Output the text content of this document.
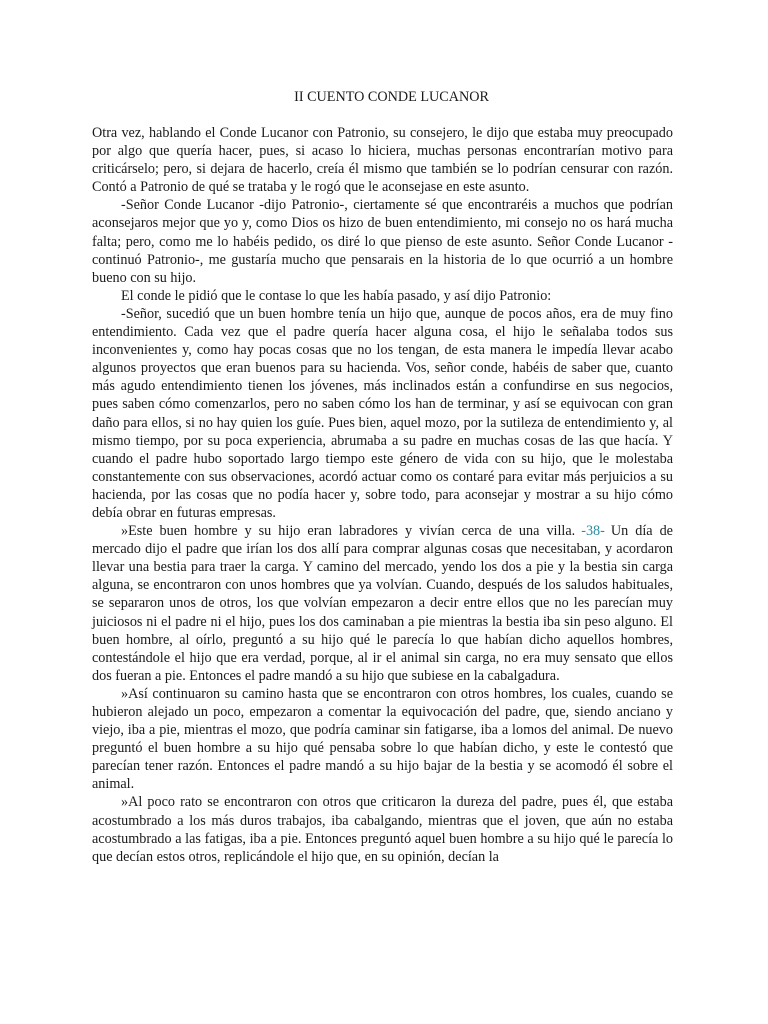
II CUENTO CONDE LUCANOR

Otra vez, hablando el Conde Lucanor con Patronio, su consejero, le dijo que estaba muy preocupado por algo que quería hacer, pues, si acaso lo hiciera, muchas personas encontrarían motivo para criticárselo; pero, si dejara de hacerlo, creía él mismo que también se lo podrían censurar con razón. Contó a Patronio de qué se trataba y le rogó que le aconsejase en este asunto.

-Señor Conde Lucanor -dijo Patronio-, ciertamente sé que encontraréis a muchos que podrían aconsejaros mejor que yo y, como Dios os hizo de buen entendimiento, mi consejo no os hará mucha falta; pero, como me lo habéis pedido, os diré lo que pienso de este asunto. Señor Conde Lucanor -continuó Patronio-, me gustaría mucho que pensarais en la historia de lo que ocurrió a un hombre bueno con su hijo.

El conde le pidió que le contase lo que les había pasado, y así dijo Patronio:

-Señor, sucedió que un buen hombre tenía un hijo que, aunque de pocos años, era de muy fino entendimiento. Cada vez que el padre quería hacer alguna cosa, el hijo le señalaba todos sus inconvenientes y, como hay pocas cosas que no los tengan, de esta manera le impedía llevar acabo algunos proyectos que eran buenos para su hacienda. Vos, señor conde, habéis de saber que, cuanto más agudo entendimiento tienen los jóvenes, más inclinados están a confundirse en sus negocios, pues saben cómo comenzarlos, pero no saben cómo los han de terminar, y así se equivocan con gran daño para ellos, si no hay quien los guíe. Pues bien, aquel mozo, por la sutileza de entendimiento y, al mismo tiempo, por su poca experiencia, abrumaba a su padre en muchas cosas de las que hacía. Y cuando el padre hubo soportado largo tiempo este género de vida con su hijo, que le molestaba constantemente con sus observaciones, acordó actuar como os contaré para evitar más perjuicios a su hacienda, por las cosas que no podía hacer y, sobre todo, para aconsejar y mostrar a su hijo cómo debía obrar en futuras empresas.

»Este buen hombre y su hijo eran labradores y vivían cerca de una villa. -38- Un día de mercado dijo el padre que irían los dos allí para comprar algunas cosas que necesitaban, y acordaron llevar una bestia para traer la carga. Y camino del mercado, yendo los dos a pie y la bestia sin carga alguna, se encontraron con unos hombres que ya volvían. Cuando, después de los saludos habituales, se separaron unos de otros, los que volvían empezaron a decir entre ellos que no les parecían muy juiciosos ni el padre ni el hijo, pues los dos caminaban a pie mientras la bestia iba sin peso alguno. El buen hombre, al oírlo, preguntó a su hijo qué le parecía lo que habían dicho aquellos hombres, contestándole el hijo que era verdad, porque, al ir el animal sin carga, no era muy sensato que ellos dos fueran a pie. Entonces el padre mandó a su hijo que subiese en la cabalgadura.

»Así continuaron su camino hasta que se encontraron con otros hombres, los cuales, cuando se hubieron alejado un poco, empezaron a comentar la equivocación del padre, que, siendo anciano y viejo, iba a pie, mientras el mozo, que podría caminar sin fatigarse, iba a lomos del animal. De nuevo preguntó el buen hombre a su hijo qué pensaba sobre lo que habían dicho, y este le contestó que parecían tener razón. Entonces el padre mandó a su hijo bajar de la bestia y se acomodó él sobre el animal.

»Al poco rato se encontraron con otros que criticaron la dureza del padre, pues él, que estaba acostumbrado a los más duros trabajos, iba cabalgando, mientras que el joven, que aún no estaba acostumbrado a las fatigas, iba a pie. Entonces preguntó aquel buen hombre a su hijo qué le parecía lo que decían estos otros, replicándole el hijo que, en su opinión, decían la
